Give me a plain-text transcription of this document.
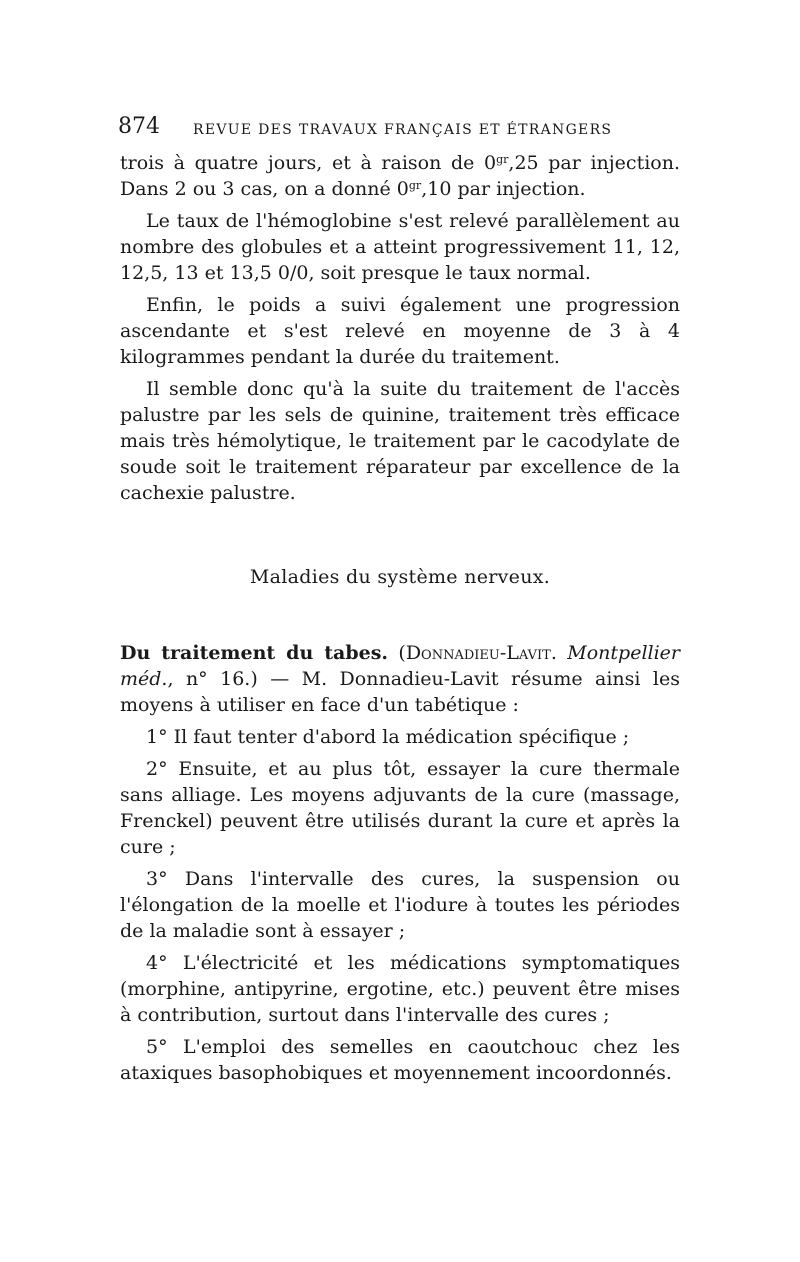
874 REVUE DES TRAVAUX FRANÇAIS ET ÉTRANGERS

trois à quatre jours, et à raison de $0^{gr},25$ par injection. Dans 2 ou 3 cas, on a donné $0^{gr},10$ par injection.

Le taux de l'hémoglobine s'est relevé parallèlement au nombre des globules et a atteint progressivement 11, 12, 12,5, 13 et 13,5 0/0, soit presque le taux normal.

Enfin, le poids a suivi également une progression ascendante et s'est relevé en moyenne de 3 à 4 kilogrammes pendant la durée du traitement.

Il semble donc qu'à la suite du traitement de l'accès palustre par les sels de quinine, traitement très efficace mais très hémolytique, le traitement par le cacodylate de soude soit le traitement réparateur par excellence de la cachexie palustre.

Maladies du système nerveux.

Du traitement du tabes. (Donnadieu-Lavit. Montpellier méd., n° 16.) — M. Donnadieu-Lavit résume ainsi les moyens à utiliser en face d'un tabétique :

1° Il faut tenter d'abord la médication spécifique ;

2° Ensuite, et au plus tôt, essayer la cure thermale sans alliage. Les moyens adjuvants de la cure (massage, Frenckel) peuvent être utilisés durant la cure et après la cure ;

3° Dans l'intervalle des cures, la suspension ou l'élongation de la moelle et l'iodure à toutes les périodes de la maladie sont à essayer ;

4° L'électricité et les médications symptomatiques (morphine, antipyrine, ergotine, etc.) peuvent être mises à contribution, surtout dans l'intervalle des cures ;

5° L'emploi des semelles en caoutchouc chez les ataxiques basophobiques et moyennement incoordonnés.
